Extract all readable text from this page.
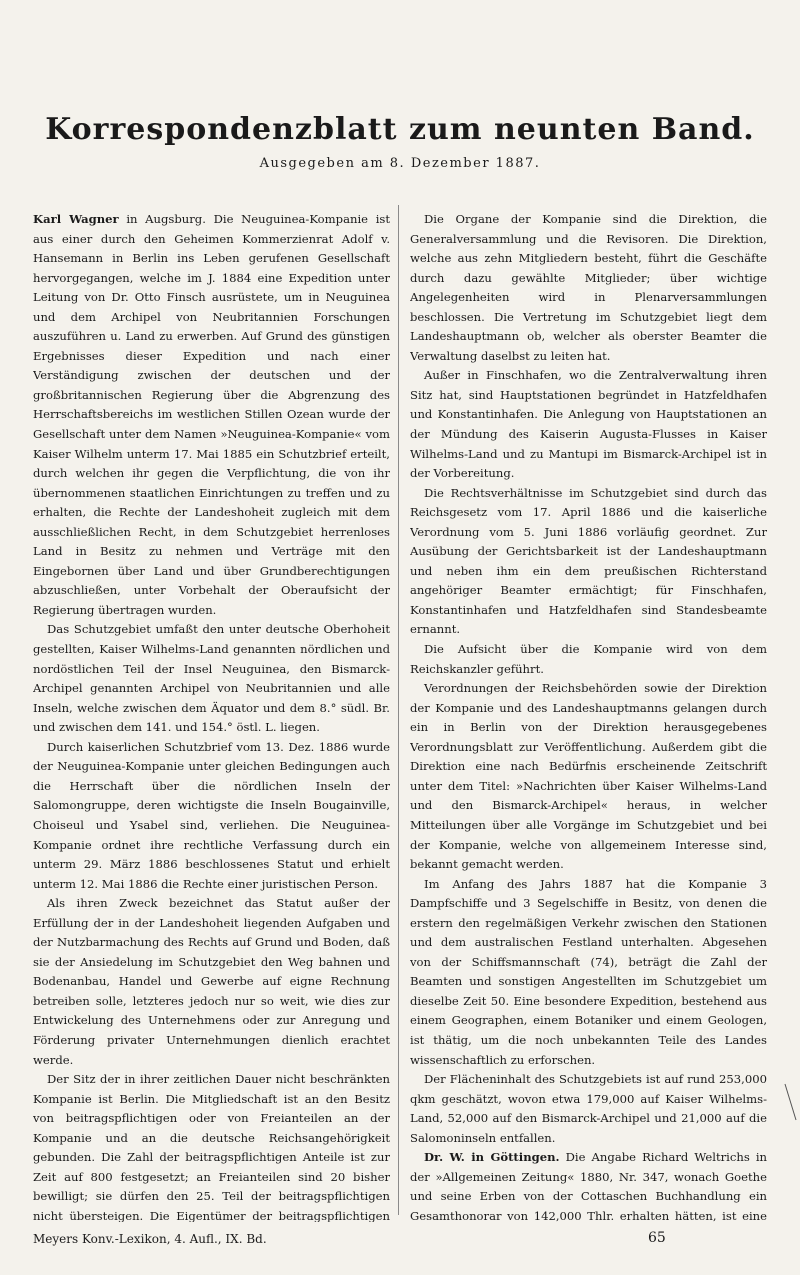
Korrespondenzblatt zum neunten Band.
Ausgegeben am 8. Dezember 1887.

Karl Wagner in Augsburg. Die Neuguinea-Kompanie ist aus einer durch den Geheimen Kommerzienrat Adolf v. Hansemann in Berlin ins Leben gerufenen Gesellschaft hervorgegangen, welche im J. 1884 eine Expedition unter Leitung von Dr. Otto Finsch ausrüstete, um in Neuguinea und dem Archipel von Neubritannien Forschungen auszuführen u. Land zu erwerben. Auf Grund des günstigen Ergebnisses dieser Expedition und nach einer Verständigung zwischen der deutschen und der großbritannischen Regierung über die Abgrenzung des Herrschaftsbereichs im westlichen Stillen Ozean wurde der Gesellschaft unter dem Namen »Neuguinea-Kompanie« vom Kaiser Wilhelm unterm 17. Mai 1885 ein Schutzbrief erteilt, durch welchen ihr gegen die Verpflichtung, die von ihr übernommenen staatlichen Einrichtungen zu treffen und zu erhalten, die Rechte der Landeshoheit zugleich mit dem ausschließlichen Recht, in dem Schutzgebiet herrenloses Land in Besitz zu nehmen und Verträge mit den Eingebornen über Land und über Grundberechtigungen abzuschließen, unter Vorbehalt der Oberaufsicht der Regierung übertragen wurden.

Das Schutzgebiet umfaßt den unter deutsche Oberhoheit gestellten, Kaiser Wilhelms-Land genannten nördlichen und nordöstlichen Teil der Insel Neuguinea, den Bismarck-Archipel genannten Archipel von Neubritannien und alle Inseln, welche zwischen dem Äquator und dem 8.° südl. Br. und zwischen dem 141. und 154.° östl. L. liegen.

Durch kaiserlichen Schutzbrief vom 13. Dez. 1886 wurde der Neuguinea-Kompanie unter gleichen Bedingungen auch die Herrschaft über die nördlichen Inseln der Salomongruppe, deren wichtigste die Inseln Bougainville, Choiseul und Ysabel sind, verliehen. Die Neuguinea-Kompanie ordnet ihre rechtliche Verfassung durch ein unterm 29. März 1886 beschlossenes Statut und erhielt unterm 12. Mai 1886 die Rechte einer juristischen Person.

Als ihren Zweck bezeichnet das Statut außer der Erfüllung der in der Landeshoheit liegenden Aufgaben und der Nutzbarmachung des Rechts auf Grund und Boden, daß sie der Ansiedelung im Schutzgebiet den Weg bahnen und Bodenanbau, Handel und Gewerbe auf eigne Rechnung betreiben solle, letzteres jedoch nur so weit, wie dies zur Entwickelung des Unternehmens oder zur Anregung und Förderung privater Unternehmungen dienlich erachtet werde.

Der Sitz der in ihrer zeitlichen Dauer nicht beschränkten Kompanie ist Berlin. Die Mitgliedschaft ist an den Besitz von beitragspflichtigen oder von Freianteilen an der Kompanie und an die deutsche Reichsangehörigkeit gebunden. Die Zahl der beitragspflichtigen Anteile ist zur Zeit auf 800 festgesetzt; an Freianteilen sind 20 bisher bewilligt; sie dürfen den 25. Teil der beitragspflichtigen nicht übersteigen. Die Eigentümer der beitragspflichtigen

Die Organe der Kompanie sind die Direktion, die Generalversammlung und die Revisoren. Die Direktion, welche aus zehn Mitgliedern besteht, führt die Geschäfte durch dazu gewählte Mitglieder; über wichtige Angelegenheiten wird in Plenarversammlungen beschlossen. Die Vertretung im Schutzgebiet liegt dem Landeshauptmann ob, welcher als oberster Beamter die Verwaltung daselbst zu leiten hat.

Außer in Finschhafen, wo die Zentralverwaltung ihren Sitz hat, sind Hauptstationen begründet in Hatzfeldhafen und Konstantinhafen. Die Anlegung von Hauptstationen an der Mündung des Kaiserin Augusta-Flusses in Kaiser Wilhelms-Land und zu Mantupi im Bismarck-Archipel ist in der Vorbereitung.

Die Rechtsverhältnisse im Schutzgebiet sind durch das Reichsgesetz vom 17. April 1886 und die kaiserliche Verordnung vom 5. Juni 1886 vorläufig geordnet. Zur Ausübung der Gerichtsbarkeit ist der Landeshauptmann und neben ihm ein dem preußischen Richterstand angehöriger Beamter ermächtigt; für Finschhafen, Konstantinhafen und Hatzfeldhafen sind Standesbeamte ernannt.

Die Aufsicht über die Kompanie wird von dem Reichskanzler geführt.

Verordnungen der Reichsbehörden sowie der Direktion der Kompanie und des Landeshauptmanns gelangen durch ein in Berlin von der Direktion herausgegebenes Verordnungsblatt zur Veröffentlichung. Außerdem gibt die Direktion eine nach Bedürfnis erscheinende Zeitschrift unter dem Titel: »Nachrichten über Kaiser Wilhelms-Land und den Bismarck-Archipel« heraus, in welcher Mitteilungen über alle Vorgänge im Schutzgebiet und bei der Kompanie, welche von allgemeinem Interesse sind, bekannt gemacht werden.

Im Anfang des Jahrs 1887 hat die Kompanie 3 Dampfschiffe und 3 Segelschiffe in Besitz, von denen die erstern den regelmäßigen Verkehr zwischen den Stationen und dem australischen Festland unterhalten. Abgesehen von der Schiffsmannschaft (74), beträgt die Zahl der Beamten und sonstigen Angestellten im Schutzgebiet um dieselbe Zeit 50. Eine besondere Expedition, bestehend aus einem Geographen, einem Botaniker und einem Geologen, ist thätig, um die noch unbekannten Teile des Landes wissenschaftlich zu erforschen.

Der Flächeninhalt des Schutzgebiets ist auf rund 253,000 qkm geschätzt, wovon etwa 179,000 auf Kaiser Wilhelms-Land, 52,000 auf den Bismarck-Archipel und 21,000 auf die Salomoninseln entfallen.

Dr. W. in Göttingen. Die Angabe Richard Weltrichs in der »Allgemeinen Zeitung« 1880, Nr. 347, wonach Goethe und seine Erben von der Cottaschen Buchhandlung ein Gesamthonorar von 142,000 Thlr. erhalten hätten, ist eine

Meyers Konv.-Lexikon, 4. Aufl., IX. Bd.	65
